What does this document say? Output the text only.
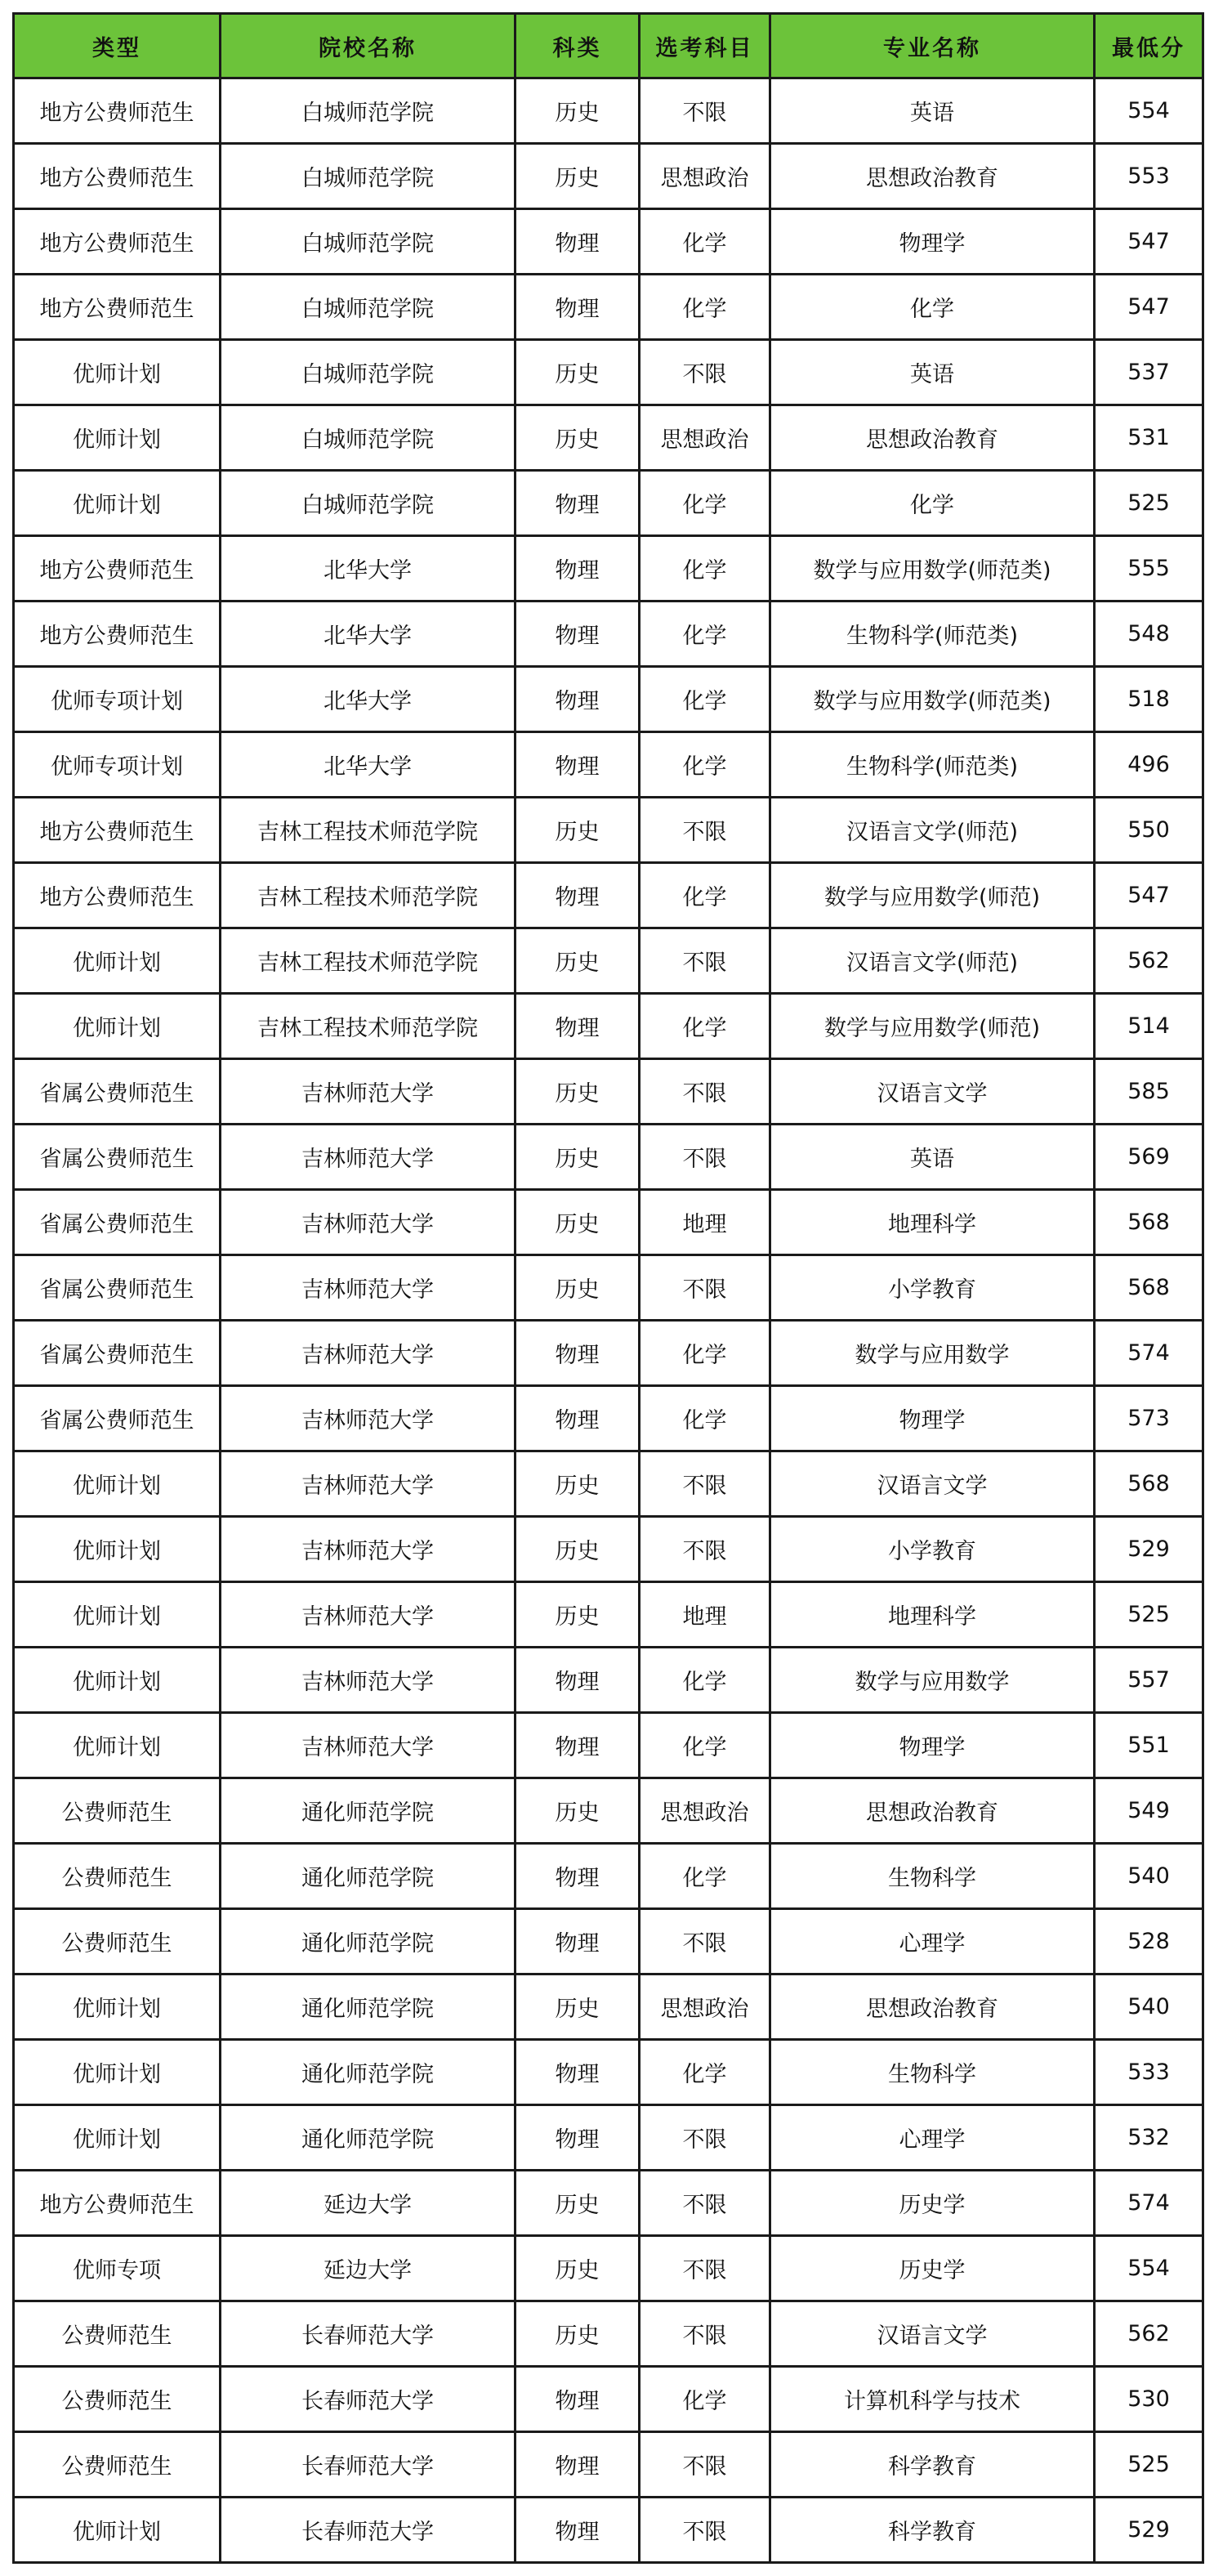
类型	院校名称	科类	选考科目	专业名称	最低分
地方公费师范生	白城师范学院	历史	不限	英语	554
地方公费师范生	白城师范学院	历史	思想政治	思想政治教育	553
地方公费师范生	白城师范学院	物理	化学	物理学	547
地方公费师范生	白城师范学院	物理	化学	化学	547
优师计划	白城师范学院	历史	不限	英语	537
优师计划	白城师范学院	历史	思想政治	思想政治教育	531
优师计划	白城师范学院	物理	化学	化学	525
地方公费师范生	北华大学	物理	化学	数学与应用数学(师范类)	555
地方公费师范生	北华大学	物理	化学	生物科学(师范类)	548
优师专项计划	北华大学	物理	化学	数学与应用数学(师范类)	518
优师专项计划	北华大学	物理	化学	生物科学(师范类)	496
地方公费师范生	吉林工程技术师范学院	历史	不限	汉语言文学(师范)	550
地方公费师范生	吉林工程技术师范学院	物理	化学	数学与应用数学(师范)	547
优师计划	吉林工程技术师范学院	历史	不限	汉语言文学(师范)	562
优师计划	吉林工程技术师范学院	物理	化学	数学与应用数学(师范)	514
省属公费师范生	吉林师范大学	历史	不限	汉语言文学	585
省属公费师范生	吉林师范大学	历史	不限	英语	569
省属公费师范生	吉林师范大学	历史	地理	地理科学	568
省属公费师范生	吉林师范大学	历史	不限	小学教育	568
省属公费师范生	吉林师范大学	物理	化学	数学与应用数学	574
省属公费师范生	吉林师范大学	物理	化学	物理学	573
优师计划	吉林师范大学	历史	不限	汉语言文学	568
优师计划	吉林师范大学	历史	不限	小学教育	529
优师计划	吉林师范大学	历史	地理	地理科学	525
优师计划	吉林师范大学	物理	化学	数学与应用数学	557
优师计划	吉林师范大学	物理	化学	物理学	551
公费师范生	通化师范学院	历史	思想政治	思想政治教育	549
公费师范生	通化师范学院	物理	化学	生物科学	540
公费师范生	通化师范学院	物理	不限	心理学	528
优师计划	通化师范学院	历史	思想政治	思想政治教育	540
优师计划	通化师范学院	物理	化学	生物科学	533
优师计划	通化师范学院	物理	不限	心理学	532
地方公费师范生	延边大学	历史	不限	历史学	574
优师专项	延边大学	历史	不限	历史学	554
公费师范生	长春师范大学	历史	不限	汉语言文学	562
公费师范生	长春师范大学	物理	化学	计算机科学与技术	530
公费师范生	长春师范大学	物理	不限	科学教育	525
优师计划	长春师范大学	物理	不限	科学教育	529
